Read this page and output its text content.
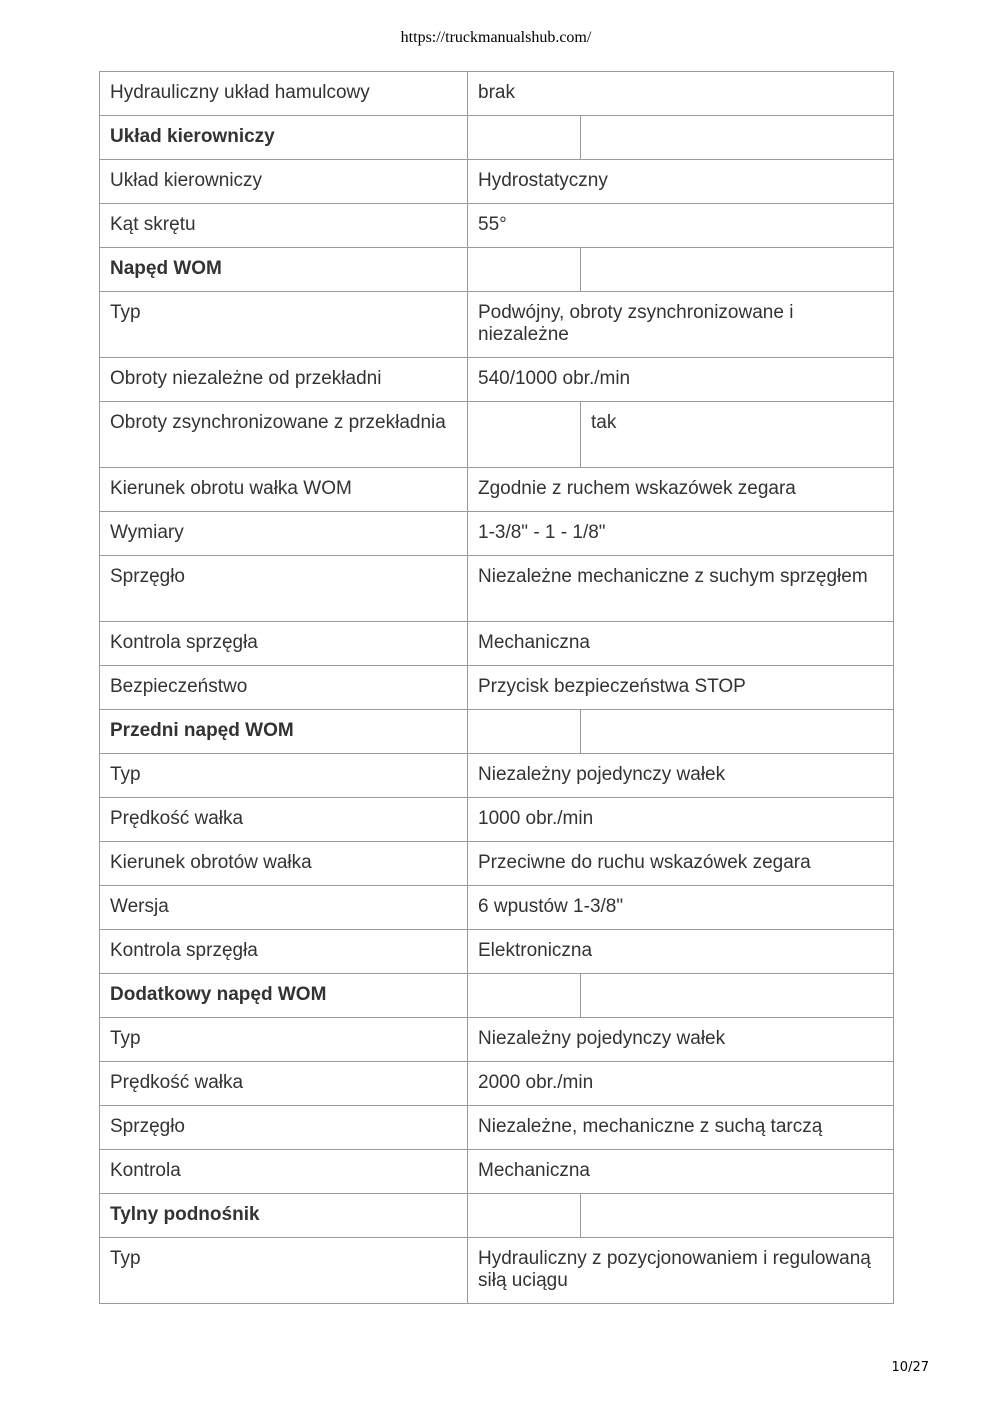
https://truckmanualshub.com/
Hydrauliczny układ hamulcowy	brak	
Układ kierowniczy		
Układ kierowniczy	Hydrostatyczny	
Kąt skrętu	55°	
Napęd WOM		
Typ	Podwójny, obroty zsynchronizowane i niezależne	
Obroty niezależne od przekładni	540/1000 obr./min	
Obroty zsynchronizowane z przekładnia		tak
Kierunek obrotu wałka WOM	Zgodnie z ruchem wskazówek zegara	
Wymiary	1-3/8" - 1 - 1/8"	
Sprzęgło	Niezależne mechaniczne z suchym sprzęgłem	
Kontrola sprzęgła	Mechaniczna	
Bezpieczeństwo	Przycisk bezpieczeństwa STOP	
Przedni napęd WOM		
Typ	Niezależny pojedynczy wałek	
Prędkość wałka	1000 obr./min	
Kierunek obrotów wałka	Przeciwne do ruchu wskazówek zegara	
Wersja	6 wpustów 1-3/8"	
Kontrola sprzęgła	Elektroniczna	
Dodatkowy napęd WOM		
Typ	Niezależny pojedynczy wałek	
Prędkość wałka	2000 obr./min	
Sprzęgło	Niezależne, mechaniczne z suchą tarczą	
Kontrola	Mechaniczna	
Tylny podnośnik		
Typ	Hydrauliczny z pozycjonowaniem i regulowaną siłą uciągu	
10/27
